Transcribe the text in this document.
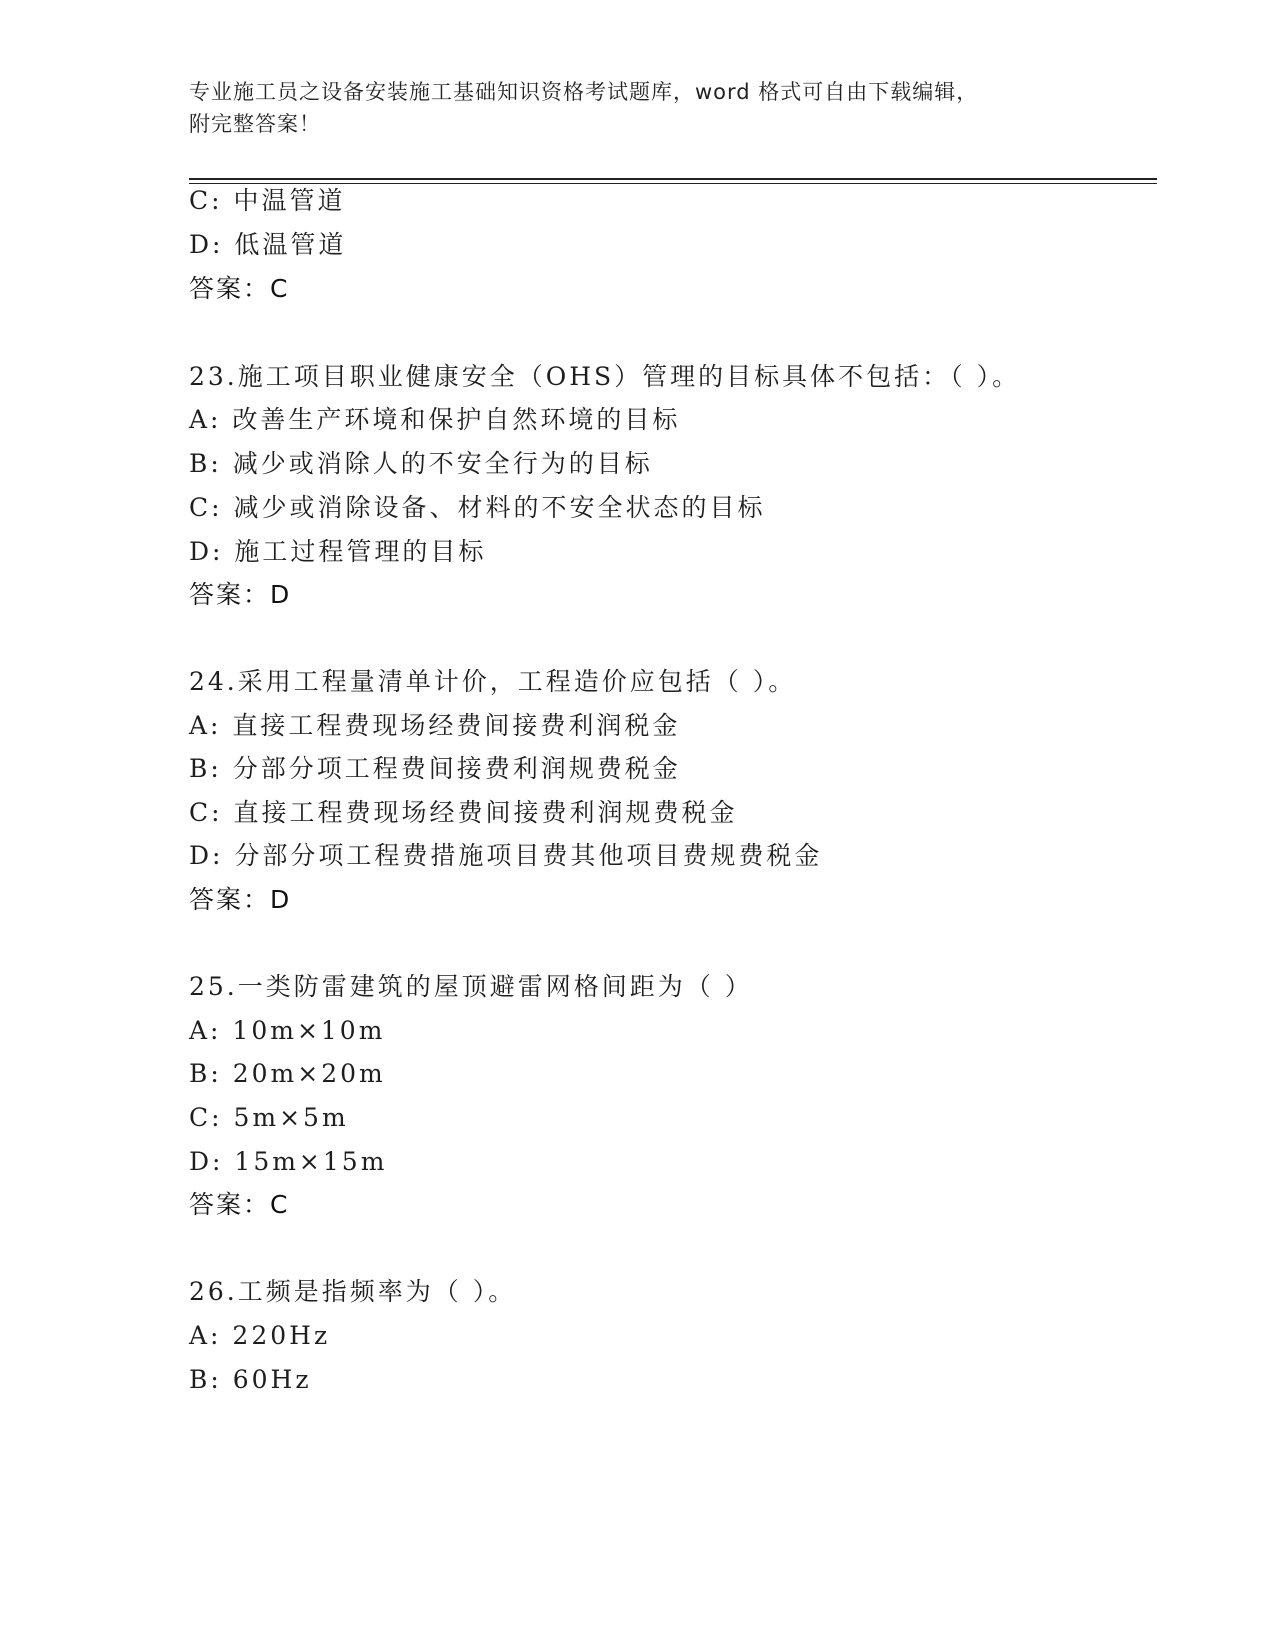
专业施工员之设备安装施工基础知识资格考试题库，word 格式可自由下载编辑，
附完整答案！
C: 中温管道
D: 低温管道
答案：C
23.施工项目职业健康安全（OHS）管理的目标具体不包括：（ ）。
A: 改善生产环境和保护自然环境的目标
B: 减少或消除人的不安全行为的目标
C: 减少或消除设备、材料的不安全状态的目标
D: 施工过程管理的目标
答案：D
24.采用工程量清单计价，工程造价应包括（ ）。
A: 直接工程费现场经费间接费利润税金
B: 分部分项工程费间接费利润规费税金
C: 直接工程费现场经费间接费利润规费税金
D: 分部分项工程费措施项目费其他项目费规费税金
答案：D
25.一类防雷建筑的屋顶避雷网格间距为（ ）
A: 10m×10m
B: 20m×20m
C: 5m×5m
D: 15m×15m
答案：C
26.工频是指频率为（ ）。
A: 220Hz
B: 60Hz
